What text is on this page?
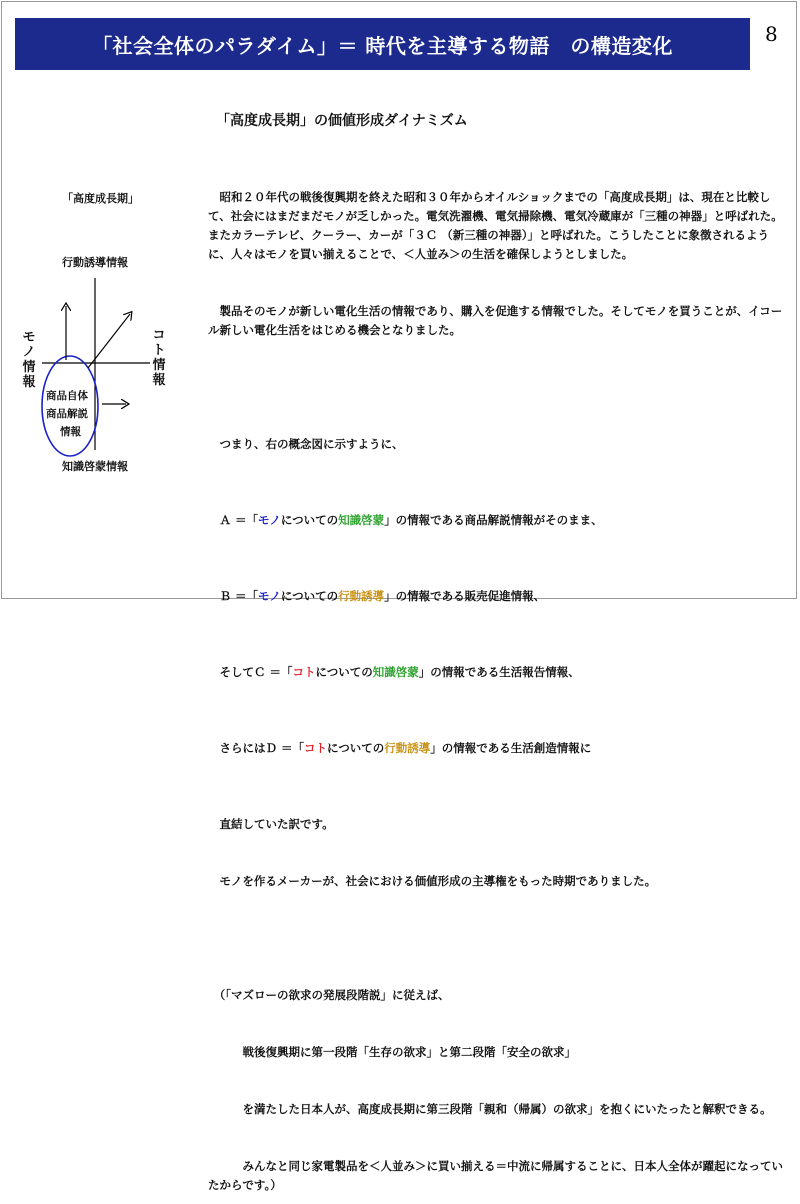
「社会全体のパラダイム」＝ 時代を主導する物語　の構造変化	8
「高度成長期」
行動誘導情報
知識啓蒙情報
モノ情報
コト情報
商品自体
商品解説
情報
「高度成長期」の価値形成ダイナミズム

　昭和２０年代の戦後復興期を終えた昭和３０年からオイルショックまでの「高度成長期」は、現在と比較して、社会にはまだまだモノが乏しかった。電気洗濯機、電気掃除機、電気冷蔵庫が「三種の神器」と呼ばれた。またカラーテレビ、クーラー、カーが「３Ｃ （新三種の神器）」と呼ばれた。こうしたことに象徴されるように、人々はモノを買い揃えることで、＜人並み＞の生活を確保しようとしました。

　製品そのモノが新しい電化生活の情報であり、購入を促進する情報でした。そしてモノを買うことが、イコール新しい電化生活をはじめる機会となりました。

　つまり、右の概念図に示すように、

　Ａ ＝「モノについての知識啓蒙」の情報である商品解説情報がそのまま、

　Ｂ ＝「モノについての行動誘導」の情報である販売促進情報、

　そしてＣ ＝「コトについての知識啓蒙」の情報である生活報告情報、

　さらにはＤ ＝「コトについての行動誘導」の情報である生活創造情報に

　直結していた訳です。

　モノを作るメーカーが、社会における価値形成の主導権をもった時期でありました。

　（「マズローの欲求の発展段階説」に従えば、

　　　戦後復興期に第一段階「生存の欲求」と第二段階「安全の欲求」

　　　を満たした日本人が、高度成長期に第三段階「親和（帰属）の欲求」を抱くにいたったと解釈できる。

　　　みんなと同じ家電製品を＜人並み＞に買い揃える＝中流に帰属することに、日本人全体が躍起になっていたからです。）
